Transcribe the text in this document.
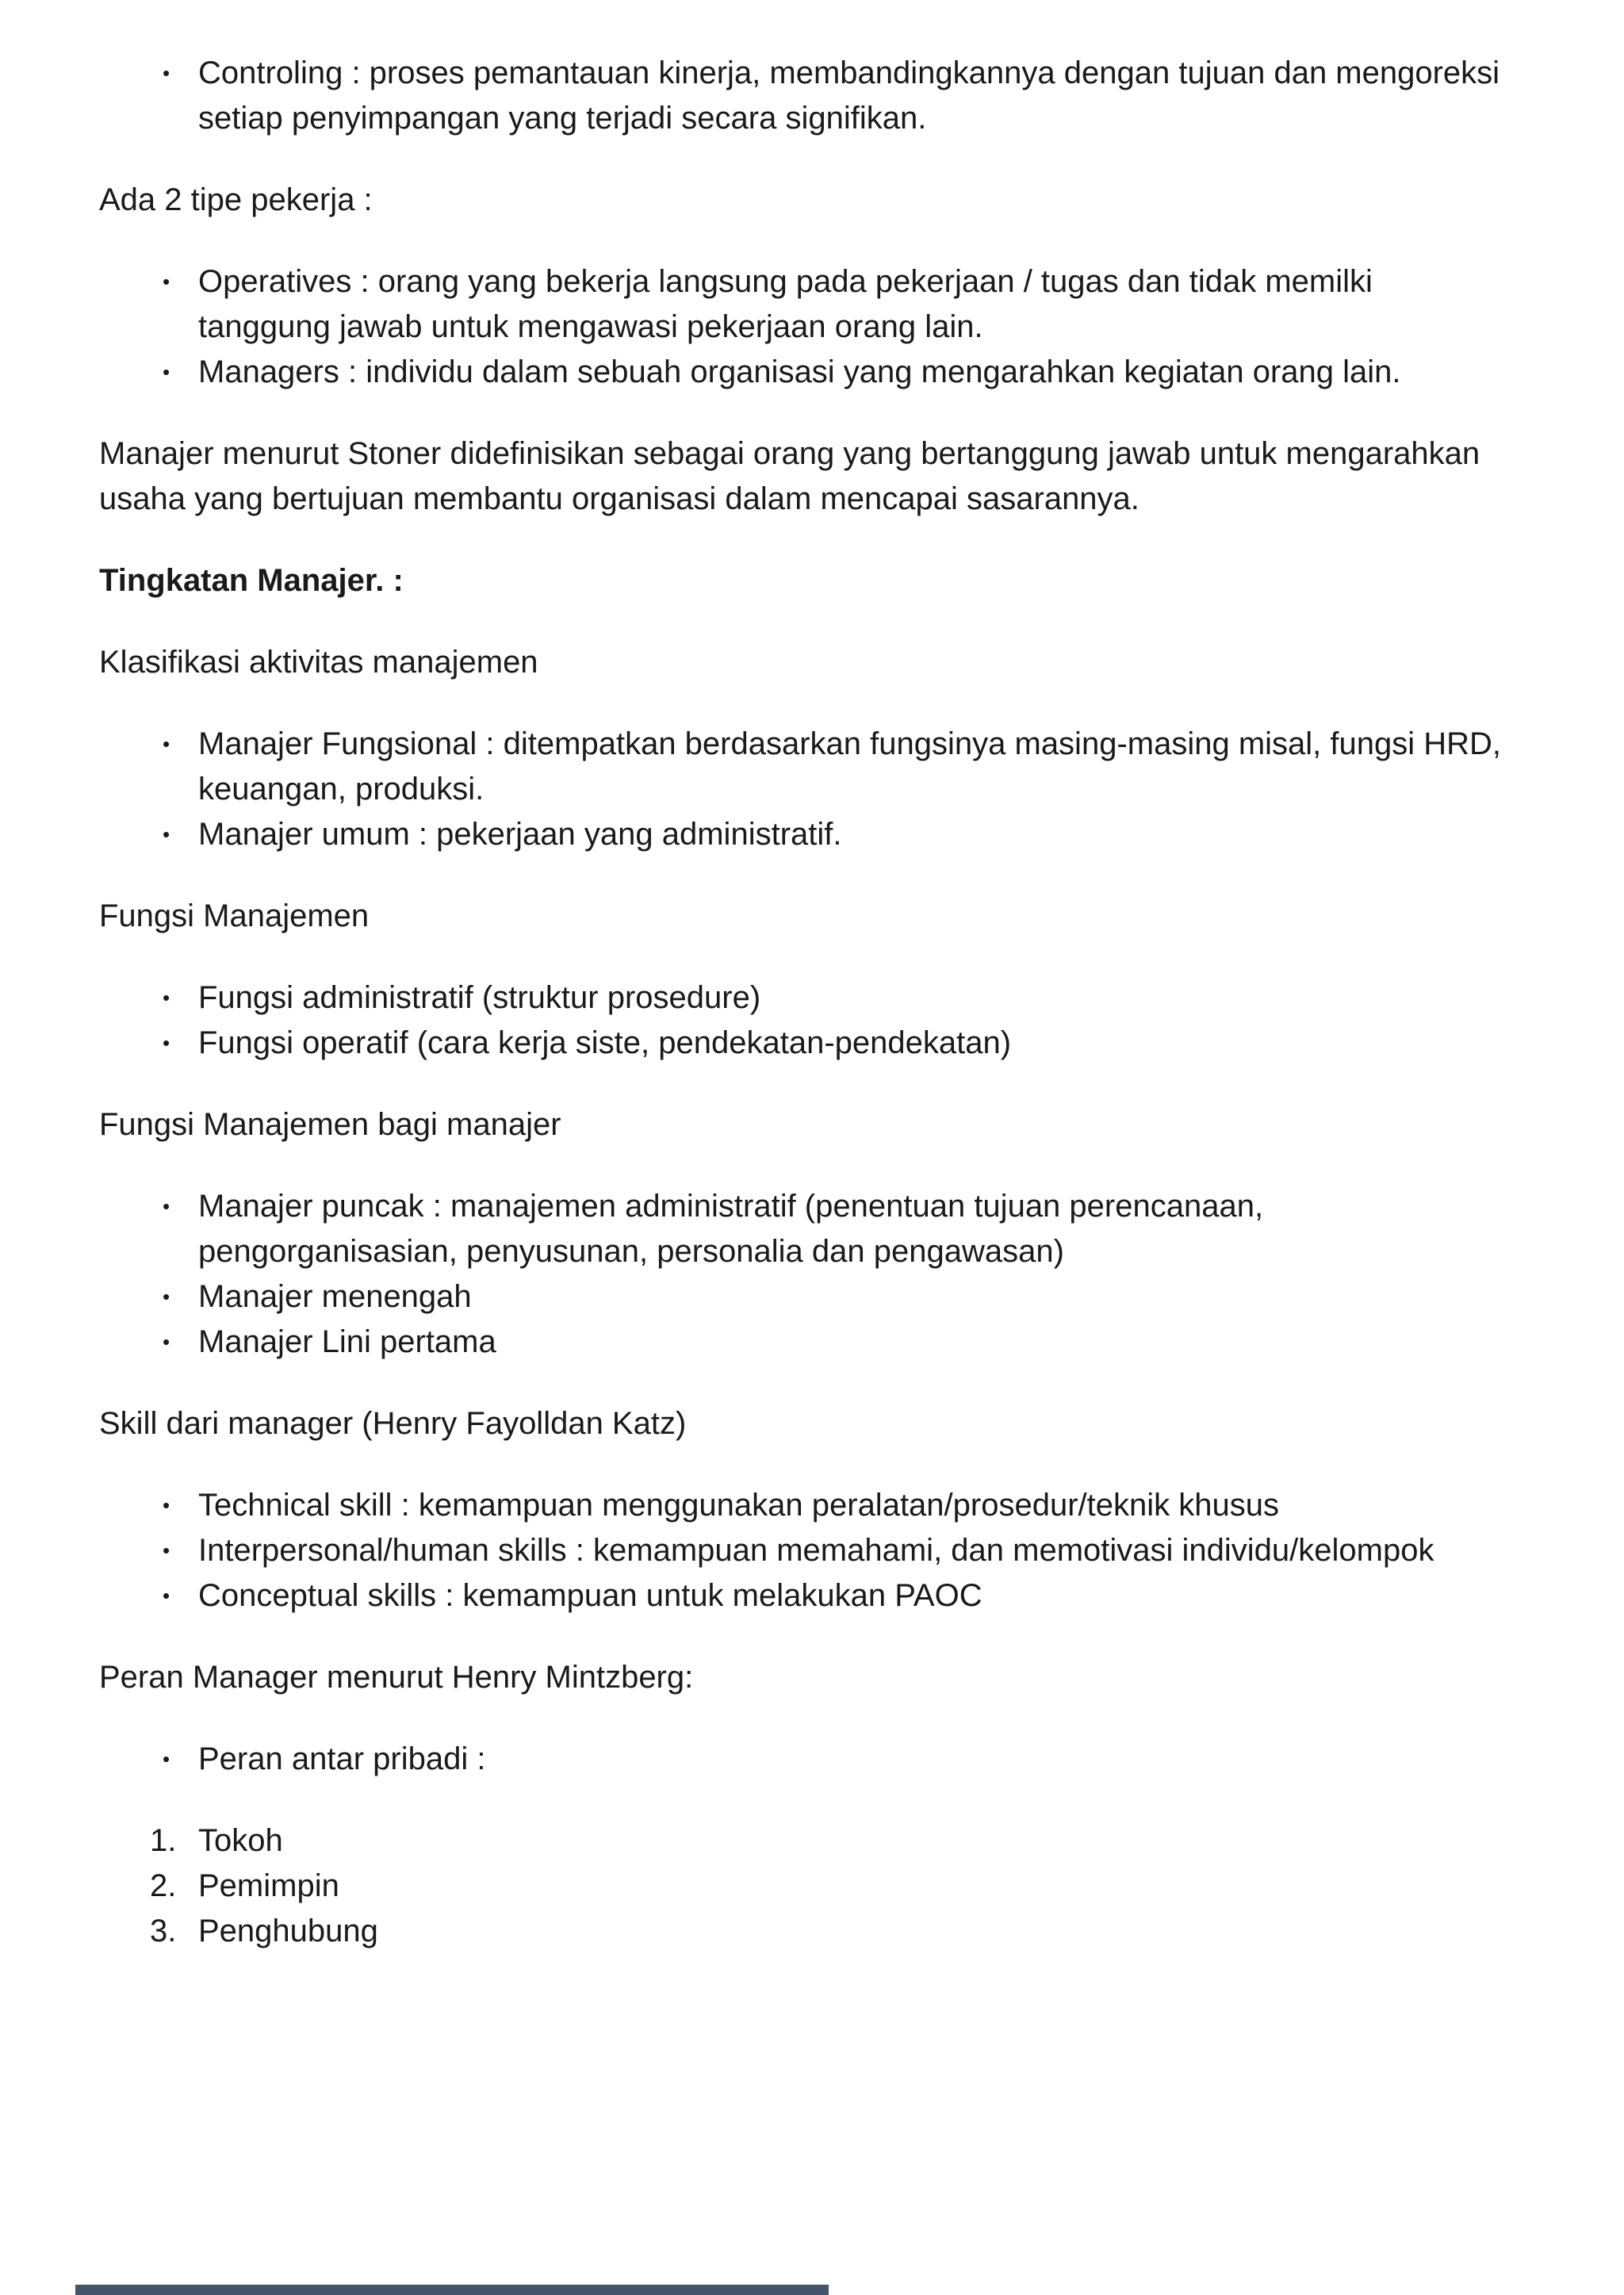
• Controling : proses pemantauan kinerja, membandingkannya dengan tujuan dan mengoreksi setiap penyimpangan yang terjadi secara signifikan.
Ada 2 tipe pekerja :
• Operatives : orang yang bekerja langsung pada pekerjaan / tugas dan tidak memilki tanggung jawab untuk mengawasi pekerjaan orang lain.
• Managers : individu dalam sebuah organisasi yang mengarahkan kegiatan orang lain.
Manajer menurut Stoner didefinisikan sebagai orang yang bertanggung jawab untuk mengarahkan usaha yang bertujuan membantu organisasi dalam mencapai sasarannya.
Tingkatan Manajer. :
Klasifikasi aktivitas manajemen
• Manajer Fungsional : ditempatkan berdasarkan fungsinya masing-masing misal, fungsi HRD, keuangan, produksi.
• Manajer umum : pekerjaan yang administratif.
Fungsi Manajemen
• Fungsi administratif (struktur prosedure)
• Fungsi operatif (cara kerja siste, pendekatan-pendekatan)
Fungsi Manajemen bagi manajer
• Manajer puncak : manajemen administratif (penentuan tujuan perencanaan, pengorganisasian, penyusunan, personalia dan pengawasan)
• Manajer menengah
• Manajer Lini pertama
Skill dari manager (Henry Fayolldan Katz)
• Technical skill : kemampuan menggunakan peralatan/prosedur/teknik khusus
• Interpersonal/human skills : kemampuan memahami, dan memotivasi individu/kelompok
• Conceptual skills : kemampuan untuk melakukan PAOC
Peran Manager menurut Henry Mintzberg:
• Peran antar pribadi :
1. Tokoh
2. Pemimpin
3. Penghubung
